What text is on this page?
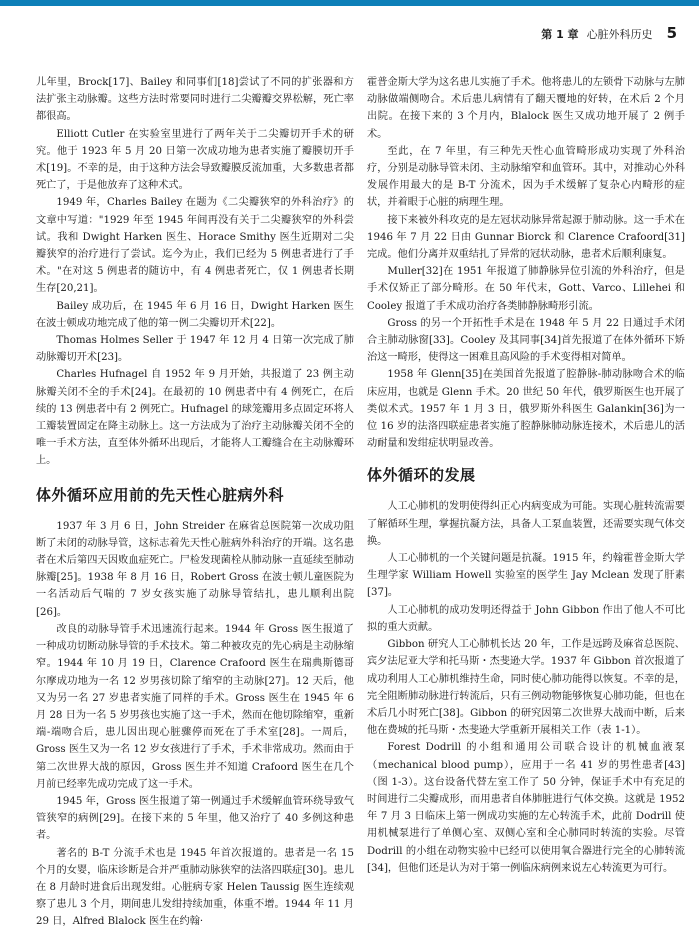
第 1 章 心脏外科历史 5

儿年里，Brock[17]、Bailey 和同事们[18]尝试了不同的扩张器和方法扩张主动脉瓣。这些方法时常要同时进行二尖瓣瓣交界松解，死亡率都很高。

Elliott Cutler 在实验室里进行了两年关于二尖瓣切开手术的研究。他于 1923 年 5 月 20 日第一次成功地为患者实施了瓣膜切开手术[19]。不幸的是，由于这种方法会导致瓣膜反流加重，大多数患者都死亡了，于是他放弃了这种术式。

1949 年，Charles Bailey 在题为《二尖瓣狭窄的外科治疗》的文章中写道："1929 年至 1945 年间再没有关于二尖瓣狭窄的外科尝试。我和 Dwight Harken 医生、Horace Smithy 医生近期对二尖瓣狭窄的治疗进行了尝试。迄今为止，我们已经为 5 例患者进行了手术。"在对这 5 例患者的随访中，有 4 例患者死亡，仅 1 例患者长期生存[20,21]。

Bailey 成功后，在 1945 年 6 月 16 日，Dwight Harken 医生在波士顿成功地完成了他的第一例二尖瓣切开术[22]。

Thomas Holmes Seller 于 1947 年 12 月 4 日第一次完成了肺动脉瓣切开术[23]。

Charles Hufnagel 自 1952 年 9 月开始，共报道了 23 例主动脉瓣关闭不全的手术[24]。在最初的 10 例患者中有 4 例死亡，在后续的 13 例患者中有 2 例死亡。Hufnagel 的球笼瓣用多点固定环将人工瓣装置固定在降主动脉上。这一方法成为了治疗主动脉瓣关闭不全的唯一手术方法，直至体外循环出现后，才能将人工瓣缝合在主动脉瓣环上。

体外循环应用前的先天性心脏病外科

1937 年 3 月 6 日，John Streider 在麻省总医院第一次成功阻断了未闭的动脉导管，这标志着先天性心脏病外科治疗的开端。这名患者在术后第四天因败血症死亡。尸检发现菌栓从肺动脉一直延续至肺动脉瓣[25]。1938 年 8 月 16 日，Robert Gross 在波士顿儿童医院为一名活动后气喘的 7 岁女孩实施了动脉导管结扎，患儿顺利出院[26]。

改良的动脉导管手术迅速流行起来。1944 年 Gross 医生报道了一种成功切断动脉导管的手术技术。第二种被攻克的先心病是主动脉缩窄。1944 年 10 月 19 日，Clarence Crafoord 医生在瑞典斯德哥尔摩成功地为一名 12 岁男孩切除了缩窄的主动脉[27]。12 天后，他又为另一名 27 岁患者实施了同样的手术。Gross 医生在 1945 年 6 月 28 日为一名 5 岁男孩也实施了这一手术，然而在他切除缩窄，重新端-端吻合后，患儿因出现心脏骤停而死在了手术室[28]。一周后，Gross 医生又为一名 12 岁女孩进行了手术，手术非常成功。然而由于第二次世界大战的原因，Gross 医生并不知道 Crafoord 医生在几个月前已经率先成功完成了这一手术。

1945 年，Gross 医生报道了第一例通过手术缓解血管环绕导致气管狭窄的病例[29]。在接下来的 5 年里，他又治疗了 40 多例这种患者。

著名的 B-T 分流手术也是 1945 年首次报道的。患者是一名 15 个月的女婴，临床诊断是合并严重肺动脉狭窄的法洛四联症[30]。患儿在 8 月龄时进食后出现发绀。心脏病专家 Helen Taussig 医生连续观察了患儿 3 个月，期间患儿发绀持续加重，体重不增。1944 年 11 月 29 日，Alfred Blalock 医生在约翰·

霍普金斯大学为这名患儿实施了手术。他将患儿的左锁骨下动脉与左肺动脉做端侧吻合。术后患儿病情有了翻天覆地的好转，在术后 2 个月出院。在接下来的 3 个月内，Blalock 医生又成功地开展了 2 例手术。

至此，在 7 年里，有三种先天性心血管畸形成功实现了外科治疗，分别是动脉导管未闭、主动脉缩窄和血管环。其中，对推动心外科发展作用最大的是 B-T 分流术，因为手术缓解了复杂心内畸形的症状，并着眼于心脏的病理生理。

接下来被外科攻克的是左冠状动脉异常起源于肺动脉。这一手术在 1946 年 7 月 22 日由 Gunnar Biorck 和 Clarence Crafoord[31]完成。他们分离并双重结扎了异常的冠状动脉，患者术后顺利康复。

Muller[32]在 1951 年报道了肺静脉异位引流的外科治疗，但是手术仅矫正了部分畸形。在 50 年代末，Gott、Varco、Lillehei 和 Cooley 报道了手术成功治疗各类肺静脉畸形引流。

Gross 的另一个开拓性手术是在 1948 年 5 月 22 日通过手术闭合主肺动脉窗[33]。Cooley 及其同事[34]首先报道了在体外循环下矫治这一畸形，使得这一困难且高风险的手术变得相对简单。

1958 年 Glenn[35]在美国首先报道了腔静脉-肺动脉吻合术的临床应用，也就是 Glenn 手术。20 世纪 50 年代，俄罗斯医生也开展了类似术式。1957 年 1 月 3 日，俄罗斯外科医生 Galankin[36]为一位 16 岁的法洛四联症患者实施了腔静脉肺动脉连接术，术后患儿的活动耐量和发绀症状明显改善。

体外循环的发展

人工心肺机的发明使得纠正心内病变成为可能。实现心脏转流需要了解循环生理，掌握抗凝方法，具备人工泵血装置，还需要实现气体交换。

人工心肺机的一个关键问题是抗凝。1915 年，约翰霍普金斯大学生理学家 William Howell 实验室的医学生 Jay Mclean 发现了肝素[37]。

人工心肺机的成功发明还得益于 John Gibbon 作出了他人不可比拟的重大贡献。

Gibbon 研究人工心肺机长达 20 年，工作是远跨及麻省总医院、宾夕法尼亚大学和托马斯・杰斐逊大学。1937 年 Gibbon 首次报道了成功利用人工心肺机维持生命，同时使心肺功能得以恢复。不幸的是，完全阻断肺动脉进行转流后，只有三例动物能够恢复心肺功能，但也在术后几小时死亡[38]。Gibbon 的研究因第二次世界大战而中断，后来他在费城的托马斯・杰斐逊大学重新开展相关工作（表 1-1）。

Forest Dodrill 的小组和通用公司联合设计的机械血液泵（mechanical blood pump），应用于一名 41 岁的男性患者[43]（图 1-3）。这台设备代替左室工作了 50 分钟，保证手术中有充足的时间进行二尖瓣成形，而用患者自体肺脏进行气体交换。这就是 1952 年 7 月 3 日临床上第一例成功实施的左心转流手术，此前 Dodrill 使用机械泵进行了单侧心室、双侧心室和全心肺同时转流的实验。尽管 Dodrill 的小组在动物实验中已经可以使用氧合器进行完全的心肺转流[34]，但他们还是认为对于第一例临床病例来说左心转流更为可行。
